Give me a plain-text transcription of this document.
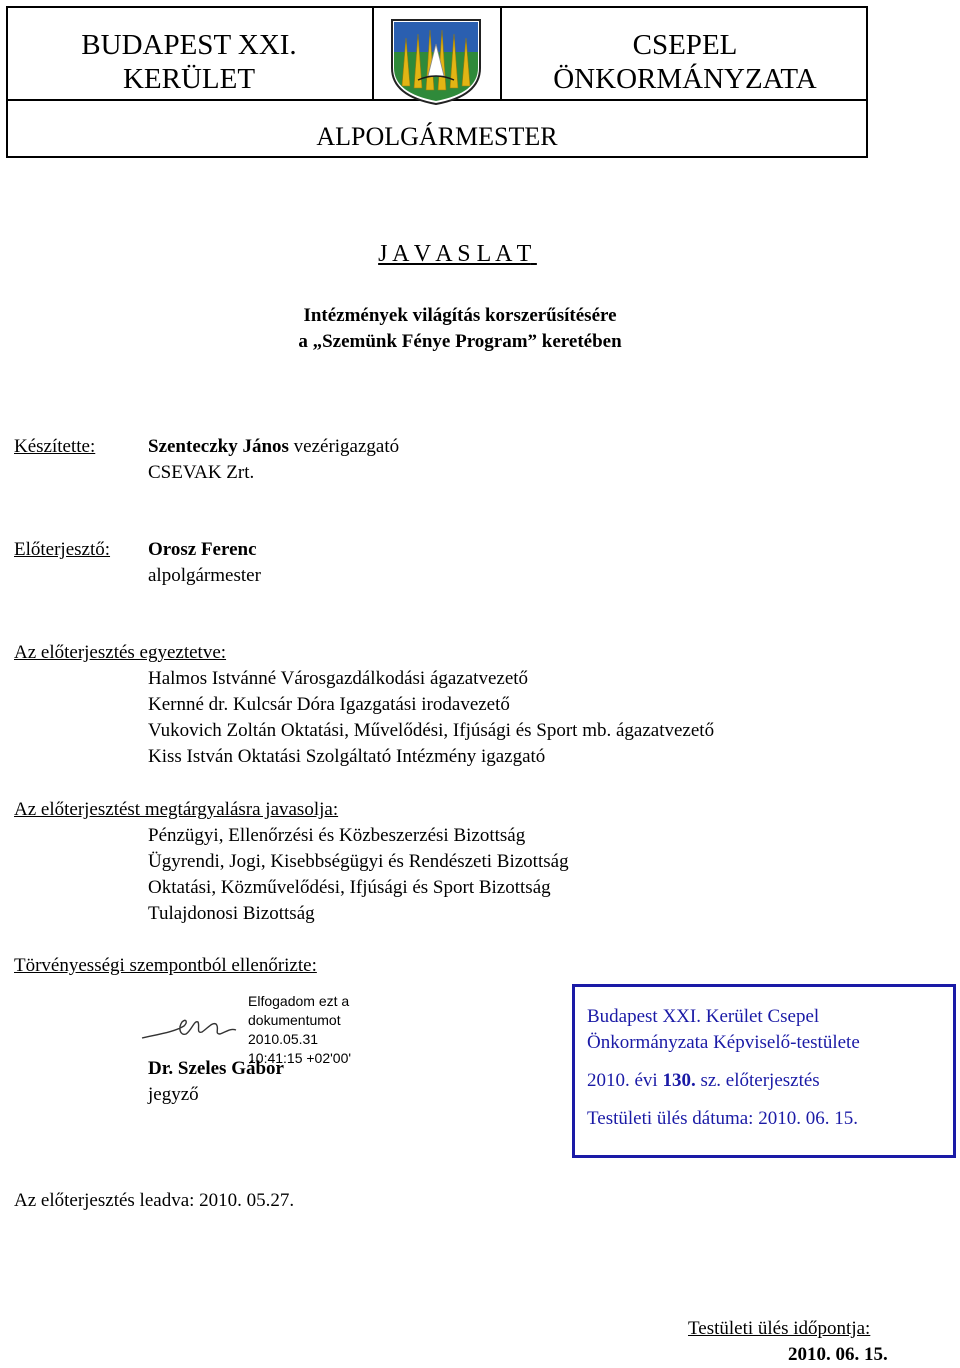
BUDAPEST XXI.
KERÜLET
CSEPEL
ÖNKORMÁNYZATA
ALPOLGÁRMESTER
J A V A S L A T
Intézmények világítás korszerűsítésére
a „Szemünk Fénye Program” keretében
Készítette:	Szenteczky János vezérigazgató
CSEVAK Zrt.
Előterjesztő: Orosz Ferenc
alpolgármester
Az előterjesztés egyeztetve:
Halmos Istvánné Városgazdálkodási ágazatvezető
Kernné dr. Kulcsár Dóra Igazgatási irodavezető
Vukovich Zoltán Oktatási, Művelődési, Ifjúsági és Sport mb. ágazatvezető
Kiss István Oktatási Szolgáltató Intézmény igazgató
Az előterjesztést megtárgyalásra javasolja:
Pénzügyi, Ellenőrzési és Közbeszerzési Bizottság
Ügyrendi, Jogi, Kisebbségügyi és Rendészeti Bizottság
Oktatási, Közművelődési, Ifjúsági és Sport Bizottság
Tulajdonosi Bizottság
Törvényességi szempontból ellenőrizte:
Elfogadom ezt a
dokumentumot
2010.05.31
10:41:15 +02'00'
Dr. Szeles Gábor
jegyző
Budapest XXI. Kerület Csepel
Önkormányzata Képviselő-testülete
2010. évi 130. sz. előterjesztés
Testületi ülés dátuma: 2010. 06. 15.
Az előterjesztés leadva: 2010. 05.27.
Testületi ülés időpontja:
2010. 06. 15.
